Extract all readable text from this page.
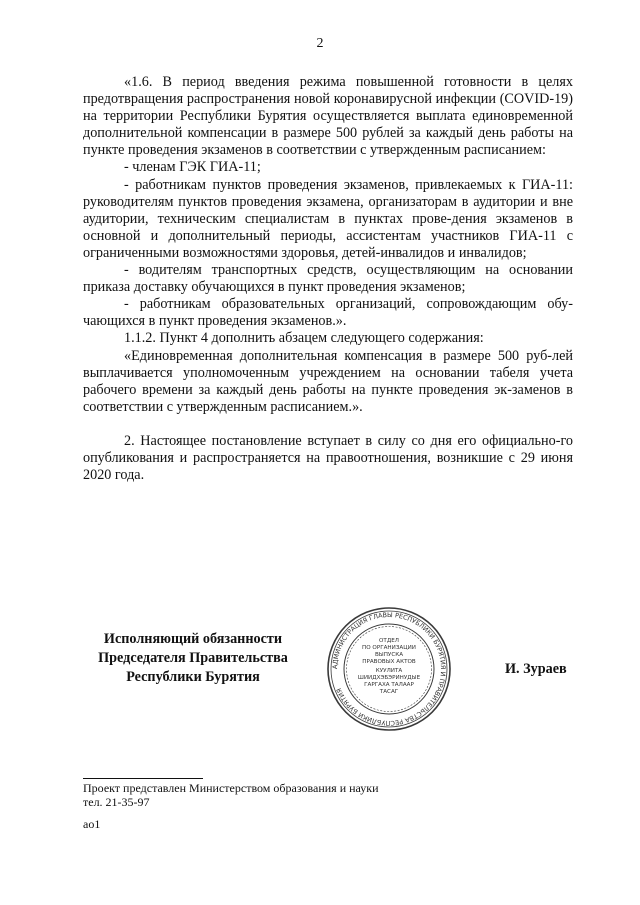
2

«1.6. В период введения режима повышенной готовности в целях предотвращения распространения новой коронавирусной инфекции (COVID-19) на территории Республики Бурятия осуществляется выплата единовременной дополнительной компенсации в размере 500 рублей за каждый день работы на пункте проведения экзаменов в соответствии с утвержденным расписанием:

- членам ГЭК ГИА-11;

- работникам пунктов проведения экзаменов, привлекаемых к ГИА-11: руководителям пунктов проведения экзамена, организаторам в аудитории и вне аудитории, техническим специалистам в пунктах прове-дения экзаменов в основной и дополнительный периоды, ассистентам участников ГИА-11 с ограниченными возможностями здоровья, детей-инвалидов и инвалидов;

- водителям транспортных средств, осуществляющим на основании приказа доставку обучающихся в пункт проведения экзаменов;

- работникам образовательных организаций, сопровождающим обу-чающихся в пункт проведения экзаменов.».

1.1.2. Пункт 4 дополнить абзацем следующего содержания:

«Единовременная дополнительная компенсация в размере 500 руб-лей выплачивается уполномоченным учреждением на основании табеля учета рабочего времени за каждый день работы на пункте проведения эк-заменов в соответствии с утвержденным расписанием.».

2. Настоящее постановление вступает в силу со дня его официально-го опубликования и распространяется на правоотношения, возникшие с 29 июня 2020 года.

Исполняющий обязанности
Председателя Правительства
Республики Бурятия
АДМИНИСТРАЦИЯ ГЛАВЫ РЕСПУБЛИКИ БУРЯТИЯ И ПРАВИТЕЛЬСТВА РЕСПУБЛИКИ БУРЯТИЯ
ОТДЕЛ
ПО ОРГАНИЗАЦИИ
ВЫПУСКА
ПРАВОВЫХ АКТОВ
КУУЛИТА
ШИИДХЭБЭРИНУДЫЕ
ГАРГАХА ТАЛААР
ТАСАГ
И. Зураев
Проект представлен Министерством образования и науки
тел. 21-35-97
ао1
